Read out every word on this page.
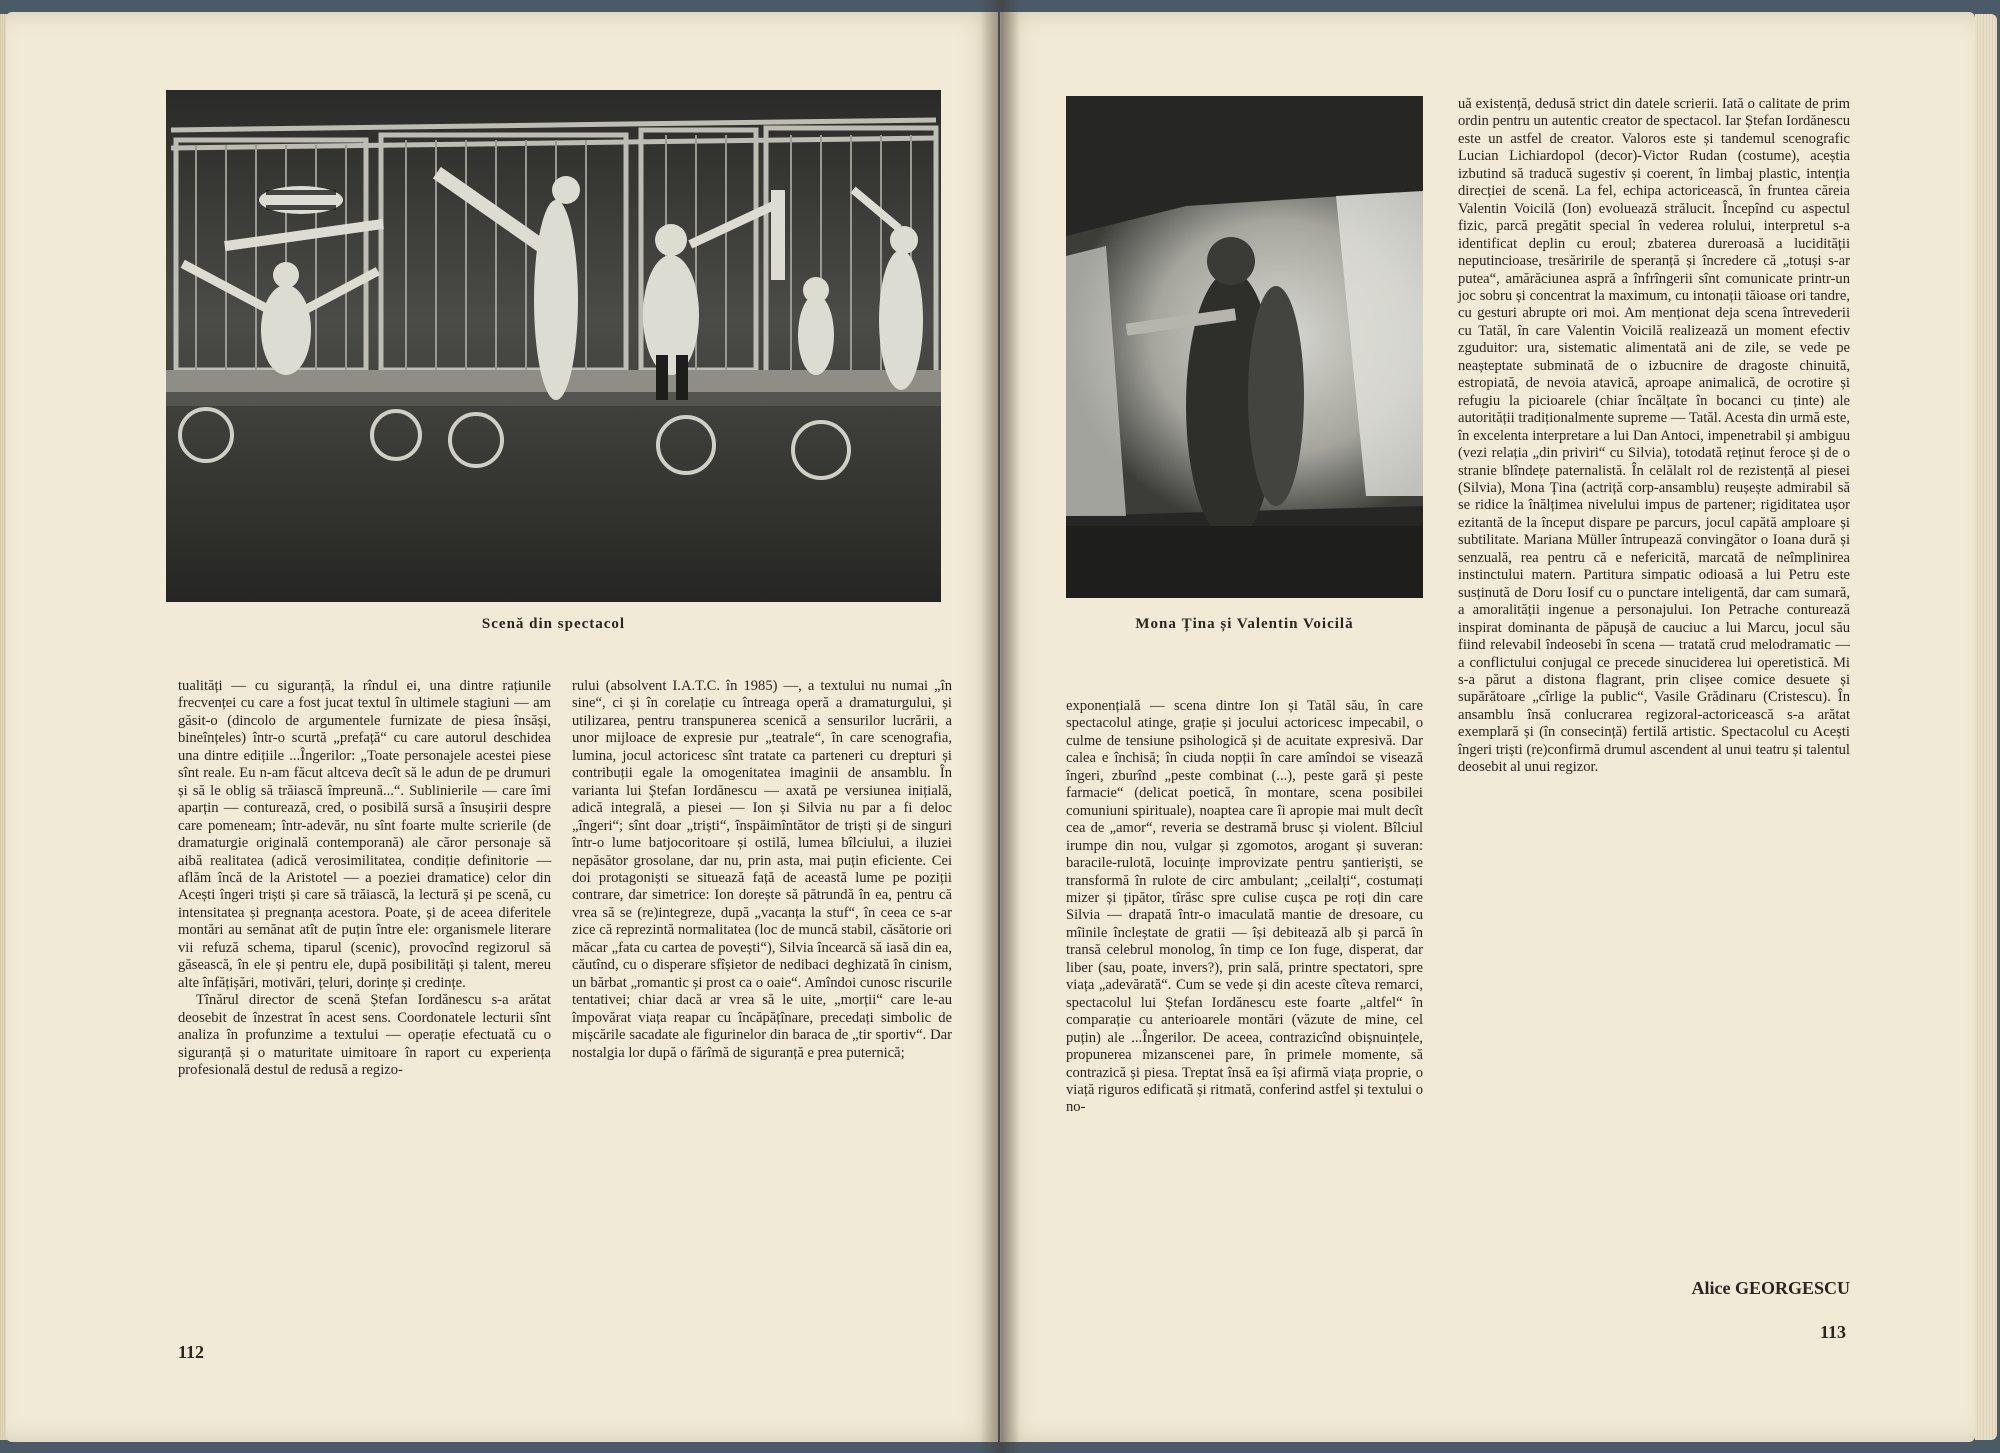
Scenă din spectacol

tualități — cu siguranță, la rîndul ei, una dintre rațiunile frecvenței cu care a fost jucat textul în ultimele stagiuni — am găsit-o (dincolo de argumentele furnizate de piesa însăși, bineînțeles) într-o scurtă „prefață“ cu care autorul deschidea una dintre edițiile ...Îngerilor: „Toate personajele acestei piese sînt reale. Eu n-am făcut altceva decît să le adun de pe drumuri și să le oblig să trăiască împreună...“. Sublinierile — care îmi aparțin — conturează, cred, o posibilă sursă a însușirii despre care pomeneam; într-adevăr, nu sînt foarte multe scrierile (de dramaturgie originală contemporană) ale căror personaje să aibă realitatea (adică verosimilitatea, condiție definitorie — aflăm încă de la Aristotel — a poeziei dramatice) celor din Acești îngeri triști și care să trăiască, la lectură și pe scenă, cu intensitatea și pregnanța acestora. Poate, și de aceea diferitele montări au semănat atît de puțin între ele: organismele literare vii refuză schema, tiparul (scenic), provocînd regizorul să găsească, în ele și pentru ele, după posibilități și talent, mereu alte înfățișări, motivări, țeluri, dorințe și credințe.

Tînărul director de scenă Ștefan Iordănescu s-a arătat deosebit de înzestrat în acest sens. Coordonatele lecturii sînt analiza în profunzime a textului — operație efectuată cu o siguranță și o maturitate uimitoare în raport cu experiența profesională destul de redusă a regizo-

rului (absolvent I.A.T.C. în 1985) —, a textului nu numai „în sine“, ci și în corelație cu întreaga operă a dramaturgului, și utilizarea, pentru transpunerea scenică a sensurilor lucrării, a unor mijloace de expresie pur „teatrale“, în care scenografia, lumina, jocul actoricesc sînt tratate ca parteneri cu drepturi și contribuții egale la omogenitatea imaginii de ansamblu. În varianta lui Ștefan Iordănescu — axată pe versiunea inițială, adică integrală, a piesei — Ion și Silvia nu par a fi deloc „îngeri“; sînt doar „triști“, înspăimîntător de triști și de singuri într-o lume batjocoritoare și ostilă, lumea bîlciului, a iluziei nepăsător grosolane, dar nu, prin asta, mai puțin eficiente. Cei doi protagoniști se situează față de această lume pe poziții contrare, dar simetrice: Ion dorește să pătrundă în ea, pentru că vrea să se (re)integreze, după „vacanța la stuf“, în ceea ce s-ar zice că reprezintă normalitatea (loc de muncă stabil, căsătorie ori măcar „fata cu cartea de povești“), Silvia încearcă să iasă din ea, căutînd, cu o disperare sfîșietor de nedibaci deghizată în cinism, un bărbat „romantic și prost ca o oaie“. Amîndoi cunosc riscurile tentativei; chiar dacă ar vrea să le uite, „morții“ care le-au împovărat viața reapar cu încăpățînare, precedați simbolic de mișcările sacadate ale figurinelor din baraca de „tir sportiv“. Dar nostalgia lor după o fărîmă de siguranță e prea puternică;

112
Mona Țina și Valentin Voicilă

exponențială — scena dintre Ion și Tatăl său, în care spectacolul atinge, grație și jocului actoricesc impecabil, o culme de tensiune psihologică și de acuitate expresivă. Dar calea e închisă; în ciuda nopții în care amîndoi se visează îngeri, zburînd „peste combinat (...), peste gară și peste farmacie“ (delicat poetică, în montare, scena posibilei comuniuni spirituale), noaptea care îi apropie mai mult decît cea de „amor“, reveria se destramă brusc și violent. Bîlciul irumpe din nou, vulgar și zgomotos, arogant și suveran: baracile-rulotă, locuințe improvizate pentru șantieriști, se transformă în rulote de circ ambulant; „ceilalți“, costumați mizer și țipător, tîrăsc spre culise cușca pe roți din care Silvia — drapată într-o imaculată mantie de dresoare, cu mîinile încleștate de gratii — își debitează alb și parcă în transă celebrul monolog, în timp ce Ion fuge, disperat, dar liber (sau, poate, invers?), prin sală, printre spectatori, spre viața „adevărată“. Cum se vede și din aceste cîteva remarci, spectacolul lui Ștefan Iordănescu este foarte „altfel“ în comparație cu anterioarele montări (văzute de mine, cel puțin) ale ...Îngerilor. De aceea, contrazicînd obișnuințele, propunerea mizanscenei pare, în primele momente, să contrazică și piesa. Treptat însă ea își afirmă viața proprie, o viață riguros edificată și ritmată, conferind astfel și textului o no-

uă existență, dedusă strict din datele scrierii. Iată o calitate de prim ordin pentru un autentic creator de spectacol. Iar Ștefan Iordănescu este un astfel de creator. Valoros este și tandemul scenografic Lucian Lichiardopol (decor)-Victor Rudan (costume), aceștia izbutind să traducă sugestiv și coerent, în limbaj plastic, intenția direcției de scenă. La fel, echipa actoricească, în fruntea căreia Valentin Voicilă (Ion) evoluează strălucit. Începînd cu aspectul fizic, parcă pregătit special în vederea rolului, interpretul s-a identificat deplin cu eroul; zbaterea dureroasă a lucidității neputincioase, tresăririle de speranță și încredere că „totuși s-ar putea“, amărăciunea aspră a înfrîngerii sînt comunicate printr-un joc sobru și concentrat la maximum, cu intonații tăioase ori tandre, cu gesturi abrupte ori moi. Am menționat deja scena întrevederii cu Tatăl, în care Valentin Voicilă realizează un moment efectiv zguduitor: ura, sistematic alimentată ani de zile, se vede pe neașteptate subminată de o izbucnire de dragoste chinuită, estropiată, de nevoia atavică, aproape animalică, de ocrotire și refugiu la picioarele (chiar încălțate în bocanci cu ținte) ale autorității tradiționalmente supreme — Tatăl. Acesta din urmă este, în excelenta interpretare a lui Dan Antoci, impenetrabil și ambiguu (vezi relația „din priviri“ cu Silvia), totodată reținut feroce și de o stranie blîndețe paternalistă. În celălalt rol de rezistență al piesei (Silvia), Mona Țina (actriță corp-ansamblu) reușește admirabil să se ridice la înălțimea nivelului impus de partener; rigiditatea ușor ezitantă de la început dispare pe parcurs, jocul capătă amploare și subtilitate. Mariana Müller întrupează convingător o Ioana dură și senzuală, rea pentru că e nefericită, marcată de neîmplinirea instinctului matern. Partitura simpatic odioasă a lui Petru este susținută de Doru Iosif cu o punctare inteligentă, dar cam sumară, a amoralității ingenue a personajului. Ion Petrache conturează inspirat dominanta de păpușă de cauciuc a lui Marcu, jocul său fiind relevabil îndeosebi în scena — tratată crud melodramatic — a conflictului conjugal ce precede sinuciderea lui operetistică. Mi s-a părut a distona flagrant, prin clișee comice desuete și supărătoare „cîrlige la public“, Vasile Grădinaru (Cristescu). În ansamblu însă conlucrarea regizoral-actoricească s-a arătat exemplară și (în consecință) fertilă artistic. Spectacolul cu Acești îngeri triști (re)confirmă drumul ascendent al unui teatru și talentul deosebit al unui regizor.

Alice GEORGESCU
113
